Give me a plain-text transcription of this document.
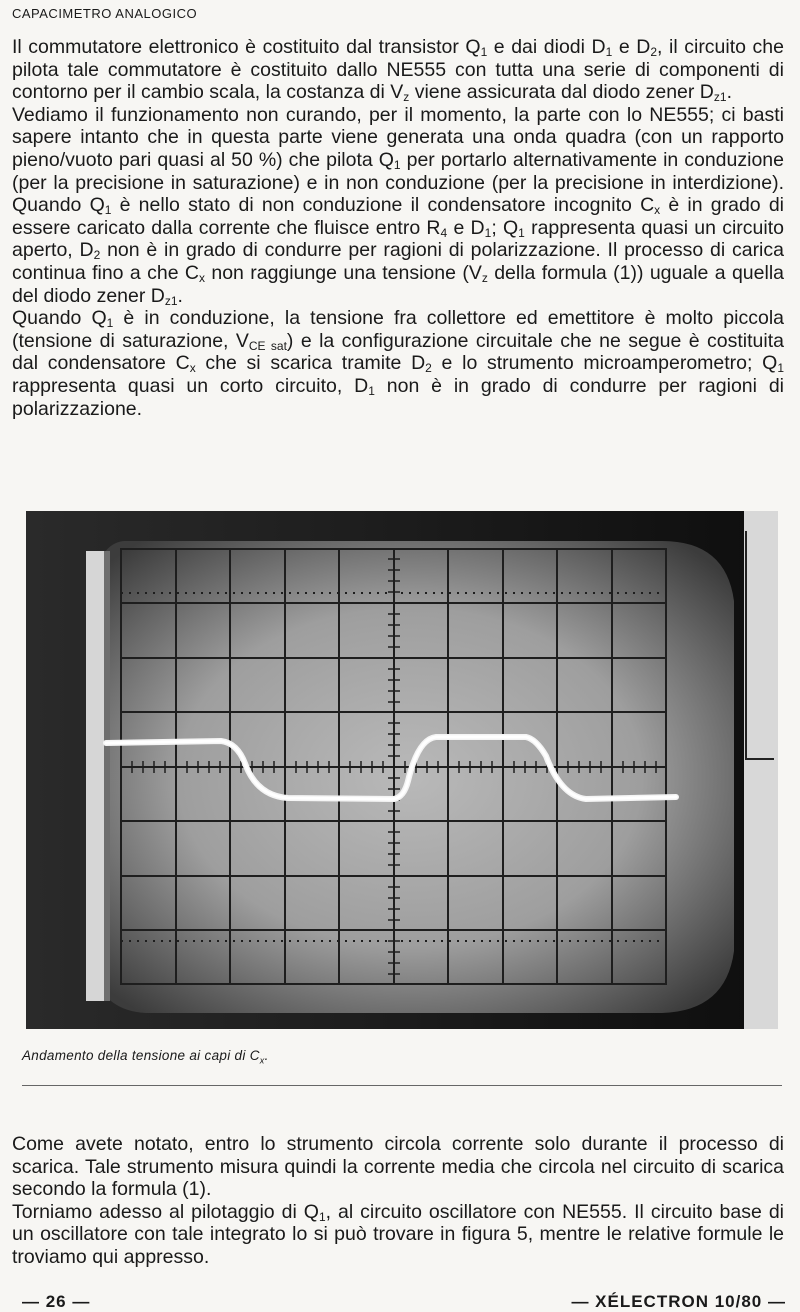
CAPACIMETRO ANALOGICO

Il commutatore elettronico è costituito dal transistor $Q_1$ e dai diodi $D_1$ e $D_2$, il circuito che pilota tale commutatore è costituito dallo NE555 con tutta una serie di componenti di contorno per il cambio scala, la costanza di $V_z$ viene assicurata dal diodo zener $D_{z1}$.

Vediamo il funzionamento non curando, per il momento, la parte con lo NE555; ci basti sapere intanto che in questa parte viene generata una onda quadra (con un rapporto pieno/vuoto pari quasi al 50 %) che pilota $Q_1$ per portarlo alternativamente in conduzione (per la precisione in saturazione) e in non conduzione (per la precisione in interdizione). Quando $Q_1$ è nello stato di non conduzione il condensatore incognito $C_x$ è in grado di essere caricato dalla corrente che fluisce entro $R_4$ e $D_1$; $Q_1$ rappresenta quasi un circuito aperto, $D_2$ non è in grado di condurre per ragioni di polarizzazione. Il processo di carica continua fino a che $C_x$ non raggiunge una tensione ($V_z$ della formula (1)) uguale a quella del diodo zener $D_{z1}$.

Quando $Q_1$ è in conduzione, la tensione fra collettore ed emettitore è molto piccola (tensione di saturazione, $V_{CE sat}$) e la configurazione circuitale che ne segue è costituita dal condensatore $C_x$ che si scarica tramite $D_2$ e lo strumento microamperometro; $Q_1$ rappresenta quasi un corto circuito, $D_1$ non è in grado di condurre per ragioni di polarizzazione.

Andamento della tensione ai capi di $C_x$.

Come avete notato, entro lo strumento circola corrente solo durante il processo di scarica. Tale strumento misura quindi la corrente media che circola nel circuito di scarica secondo la formula (1).

Torniamo adesso al pilotaggio di $Q_1$, al circuito oscillatore con NE555. Il circuito base di un oscillatore con tale integrato lo si può trovare in figura 5, mentre le relative formule le troviamo qui appresso.

— 26 —	— XÉLECTRON 10/80 —
